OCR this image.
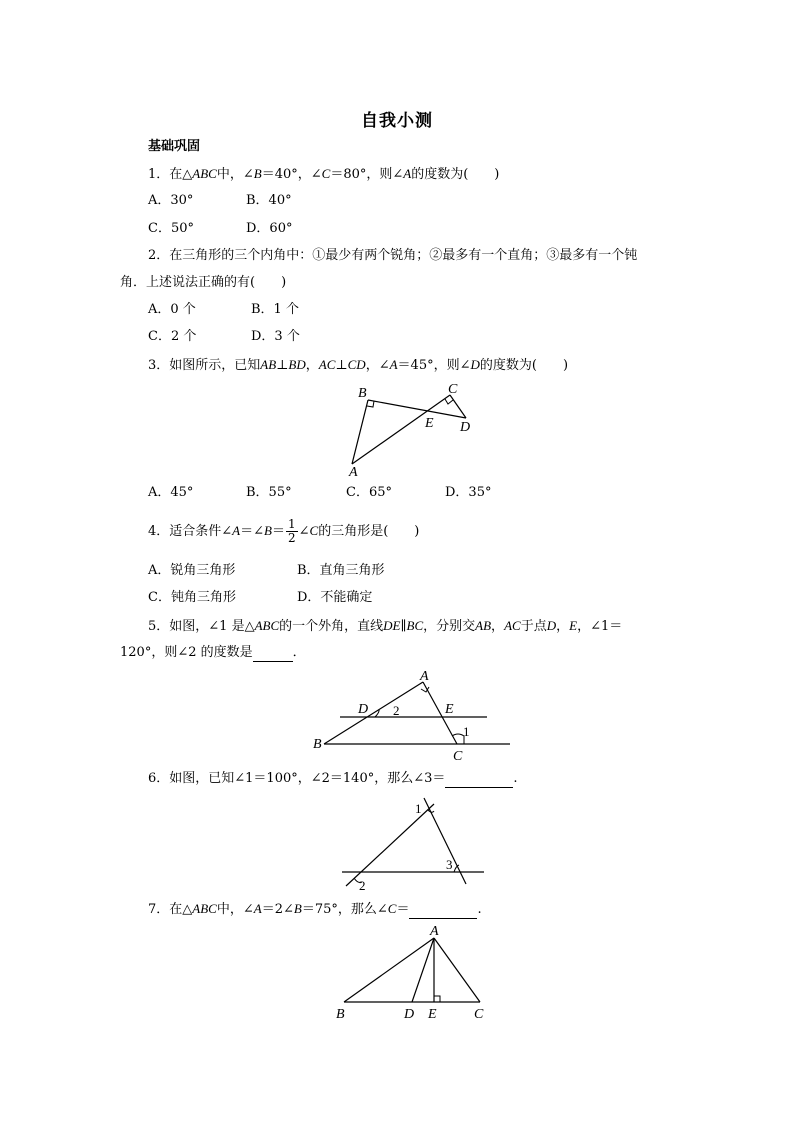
自我小测
基础巩固
1．在△ABC中，∠B＝40°，∠C＝80°，则∠A的度数为(　　)
A．30°	B．40°
C．50°	D．60°
2．在三角形的三个内角中：①最少有两个锐角；②最多有一个直角；③最多有一个钝
角．上述说法正确的有(　　)
A．0 个	B．1 个
C．2 个	D．3 个
3．如图所示，已知AB⊥BD，AC⊥CD，∠A＝45°，则∠D的度数为(　　)
B	C
E D
A
A．45°	B．55°	C．65°	D．35°
4．适合条件∠A＝∠B＝ $\frac{1}{2}$ ∠C的三角形是(　　)
A．锐角三角形	B．直角三角形
C．钝角三角形	D．不能确定
5．如图，∠1 是△ABC的一个外角，直线DE∥BC，分别交AB，AC于点D，E，∠1＝
120°，则∠2 的度数是	．
A
D 2	E
1
B
C
6．如图，已知∠1＝100°，∠2＝140°，那么∠3＝	.
1
2
3
7．在△ABC中，∠A＝2∠B＝75°，那么∠C＝	.
A
B	D E	C
